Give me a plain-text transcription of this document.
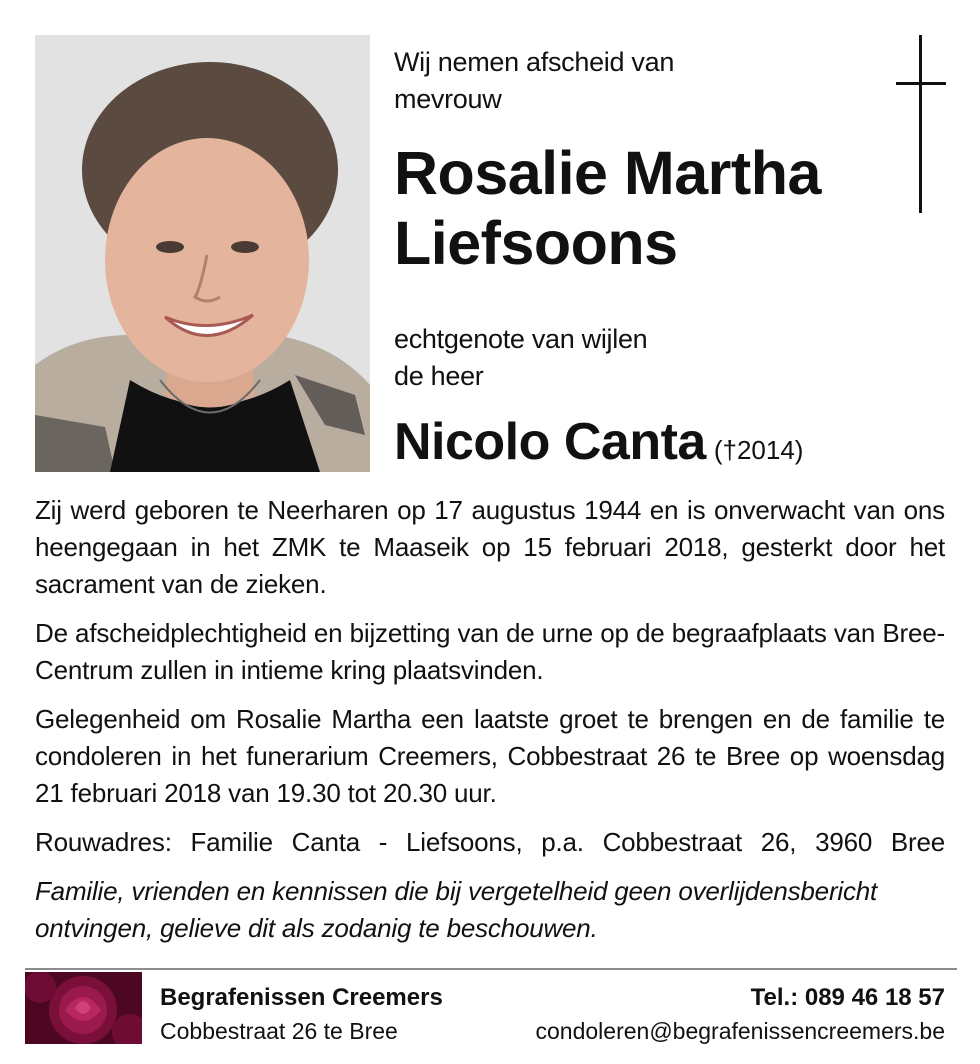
Wij nemen afscheid van
mevrouw
Rosalie Martha
Liefsoons
echtgenote van wijlen
de heer
Nicolo Canta (†2014)

Zij werd geboren te Neerharen op 17 augustus 1944 en is onverwacht van ons heengegaan in het ZMK te Maaseik op 15 februari 2018, gesterkt door het sacrament van de zieken.

De afscheidplechtigheid en bijzetting van de urne op de begraafplaats van Bree-Centrum zullen in intieme kring plaatsvinden.

Gelegenheid om Rosalie Martha een laatste groet te brengen en de familie te condoleren in het funerarium Creemers, Cobbestraat 26 te Bree op woensdag 21 februari 2018 van 19.30 tot 20.30 uur.

Rouwadres: Familie Canta - Liefsoons, p.a. Cobbestraat 26, 3960 Bree

Familie, vrienden en kennissen die bij vergetelheid geen overlijdensbericht ontvingen, gelieve dit als zodanig te beschouwen.

Begrafenissen Creemers
Cobbestraat 26 te Bree
Tel.: 089 46 18 57
condoleren@begrafenissencreemers.be
